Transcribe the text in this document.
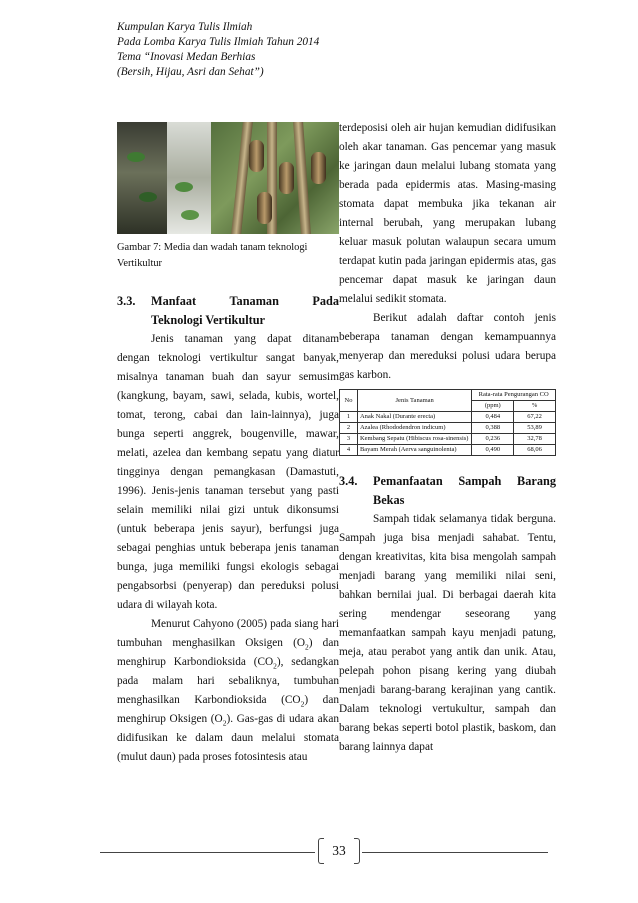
Kumpulan Karya Tulis Ilmiah
Pada Lomba Karya Tulis Ilmiah Tahun 2014
Tema “Inovasi Medan Berhias
(Bersih, Hijau, Asri dan Sehat”)
Gambar 7: Media dan wadah tanam teknologi Vertikultur
3.3. Manfaat	Tanaman	Pada
Teknologi Vertikultur

Jenis tanaman yang dapat ditanam dengan teknologi vertikultur sangat banyak, misalnya tanaman buah dan sayur semusim (kangkung, bayam, sawi, selada, kubis, wortel, tomat, terong, cabai dan lain-lainnya), juga bunga seperti anggrek, bougenville, mawar, melati, azelea dan kembang sepatu yang diatur tingginya dengan pemangkasan (Damastuti, 1996). Jenis-jenis tanaman tersebut yang pasti selain memiliki nilai gizi untuk dikonsumsi (untuk beberapa jenis sayur), berfungsi juga sebagai penghias untuk beberapa jenis tanaman bunga, juga memiliki fungsi ekologis sebagai pengabsorbsi (penyerap) dan pereduksi polusi udara di wilayah kota.

Menurut Cahyono (2005) pada siang hari tumbuhan menghasilkan Oksigen $(O_2)$ dan menghirup Karbondioksida $(CO_2)$, sedangkan pada malam hari sebaliknya, tumbuhan menghasilkan Karbondioksida $(CO_2)$ dan menghirup Oksigen $(O_2)$. Gas-gas di udara akan didifusikan ke dalam daun melalui stomata (mulut daun) pada proses fotosintesis atau

terdeposisi oleh air hujan kemudian didifusikan oleh akar tanaman. Gas pencemar yang masuk ke jaringan daun melalui lubang stomata yang berada pada epidermis atas. Masing-masing stomata dapat membuka jika tekanan air internal berubah, yang merupakan lubang keluar masuk polutan walaupun secara umum terdapat kutin pada jaringan epidermis atas, gas pencemar dapat masuk ke jaringan daun melalui sedikit stomata.

Berikut adalah daftar contoh jenis beberapa tanaman dengan kemampuannya menyerap dan mereduksi polusi udara berupa gas karbon.

No	Jenis Tanaman	Rata-rata Pengurangan CO	
		(ppm)	%
1	Anak Nakal (Durante erecta)	0,484	67,22
2	Azalea (Rhododendron indicum)	0,388	53,89
3	Kembang Sepatu (Hibiscus rosa-sinensis)	0,236	32,78
4	Bayam Merah (Aerva sanguinolenta)	0,490	68,06
3.4. Pemanfaatan Sampah Barang
Bekas

Sampah tidak selamanya tidak berguna. Sampah juga bisa menjadi sahabat. Tentu, dengan kreativitas, kita bisa mengolah sampah menjadi barang yang memiliki nilai seni, bahkan bernilai jual. Di berbagai daerah kita sering mendengar seseorang yang memanfaatkan sampah kayu menjadi patung, meja, atau perabot yang antik dan unik. Atau, pelepah pohon pisang kering yang diubah menjadi barang-barang kerajinan yang cantik. Dalam teknologi vertukultur, sampah dan barang bekas seperti botol plastik, baskom, dan barang lainnya dapat

33
